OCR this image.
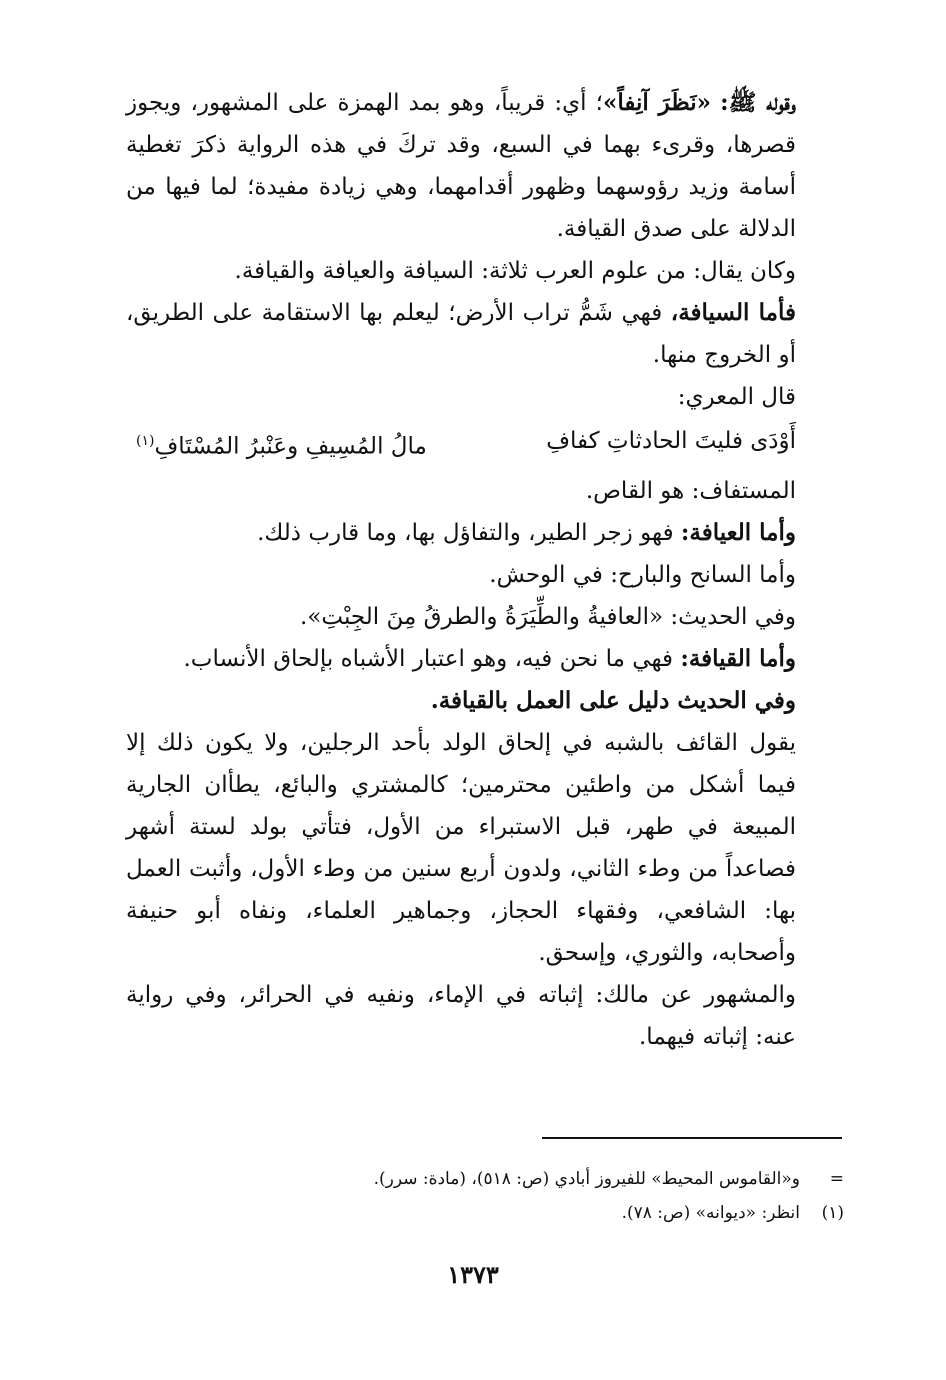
وقوله ﷺ: «نَظَرَ آنِفاً»؛ أي: قريباً، وهو بمد الهمزة على المشهور، ويجوز قصرها، وقرىء بهما في السبع، وقد تركَ في هذه الرواية ذكرَ تغطية أسامة وزيد رؤوسهما وظهور أقدامهما، وهي زيادة مفيدة؛ لما فيها من الدلالة على صدق القيافة.

وكان يقال: من علوم العرب ثلاثة: السيافة والعيافة والقيافة.

فأما السيافة، فهي شَمُّ تراب الأرض؛ ليعلم بها الاستقامة على الطريق، أو الخروج منها.

قال المعري:

أَوْدَى فليتَ الحادثاتِ كفافِ
مالُ المُسِيفِ وعَنْبرُ المُسْتَافِ$^{(١)}$

المستفاف: هو القاص.

وأما العيافة: فهو زجر الطير، والتفاؤل بها، وما قارب ذلك.

وأما السانح والبارح: في الوحش.

وفي الحديث: «العافيةُ والطِّيَرَةُ والطرقُ مِنَ الجِبْتِ».

وأما القيافة: فهي ما نحن فيه، وهو اعتبار الأشباه بإلحاق الأنساب.

وفي الحديث دليل على العمل بالقيافة.

يقول القائف بالشبه في إلحاق الولد بأحد الرجلين، ولا يكون ذلك إلا فيما أشكل من واطئين محترمين؛ كالمشتري والبائع، يطأان الجارية المبيعة في طهر، قبل الاستبراء من الأول، فتأتي بولد لستة أشهر فصاعداً من وطء الثاني، ولدون أربع سنين من وطء الأول، وأثبت العمل بها: الشافعي، وفقهاء الحجاز، وجماهير العلماء، ونفاه أبو حنيفة وأصحابه، والثوري، وإسحق.

والمشهور عن مالك: إثباته في الإماء، ونفيه في الحرائر، وفي رواية عنه: إثباته فيهما.

=و«القاموس المحيط» للفيروز أبادي (ص: ٥١٨)، (مادة: سرر).

(١)انظر: «ديوانه» (ص: ٧٨).

١٣٧٣
